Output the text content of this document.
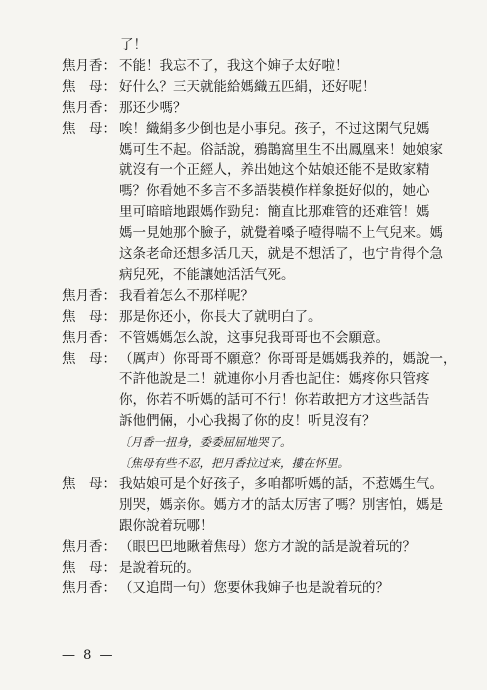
了！
焦月香： 不能！我忘不了，我这个婶子太好啦！
焦　母： 好什么？三天就能給媽織五匹絹，还好呢！
焦月香： 那还少嗎？
焦　母： 唉！織絹多少倒也是小事兒。孩子，不过这閑气兒媽
媽可生不起。俗話說，鴉鵲窩里生不出鳳凰来！她娘家
就沒有一个正經人，养出她这个姑娘还能不是敗家精
嗎？你看她不多言不多語裝模作样象挺好似的，她心
里可暗暗地跟媽作勁兒：簡直比那难管的还难管！媽
媽一見她那个臉子，就覺着嗓子噎得喘不上气兒来。媽
这条老命还想多活几天，就是不想活了，也宁肯得个急
病兒死，不能讓她活活气死。
焦月香： 我看着怎么不那样呢？
焦　母： 那是你还小，你長大了就明白了。
焦月香： 不管媽媽怎么說，这事兒我哥哥也不会願意。
焦　母： （厲声）你哥哥不願意？你哥哥是媽媽我养的，媽說一，
不許他說是二！就連你小月香也記住：媽疼你只管疼
你，你若不听媽的話可不行！你若敢把方才这些話告
訴他們倆，小心我揭了你的皮！听見沒有？
〔月香一扭身，委委屈屈地哭了。
〔焦母有些不忍，把月香拉过来，摟在怀里。
焦　母： 我姑娘可是个好孩子，多咱都听媽的話，不惹媽生气。
別哭，媽亲你。媽方才的話太厉害了嗎？別害怕，媽是
跟你說着玩哪！
焦月香： （眼巴巴地瞅着焦母）您方才說的話是說着玩的？
焦　母： 是說着玩的。
焦月香： （又追問一句）您要休我婶子也是說着玩的？
— 8 —
